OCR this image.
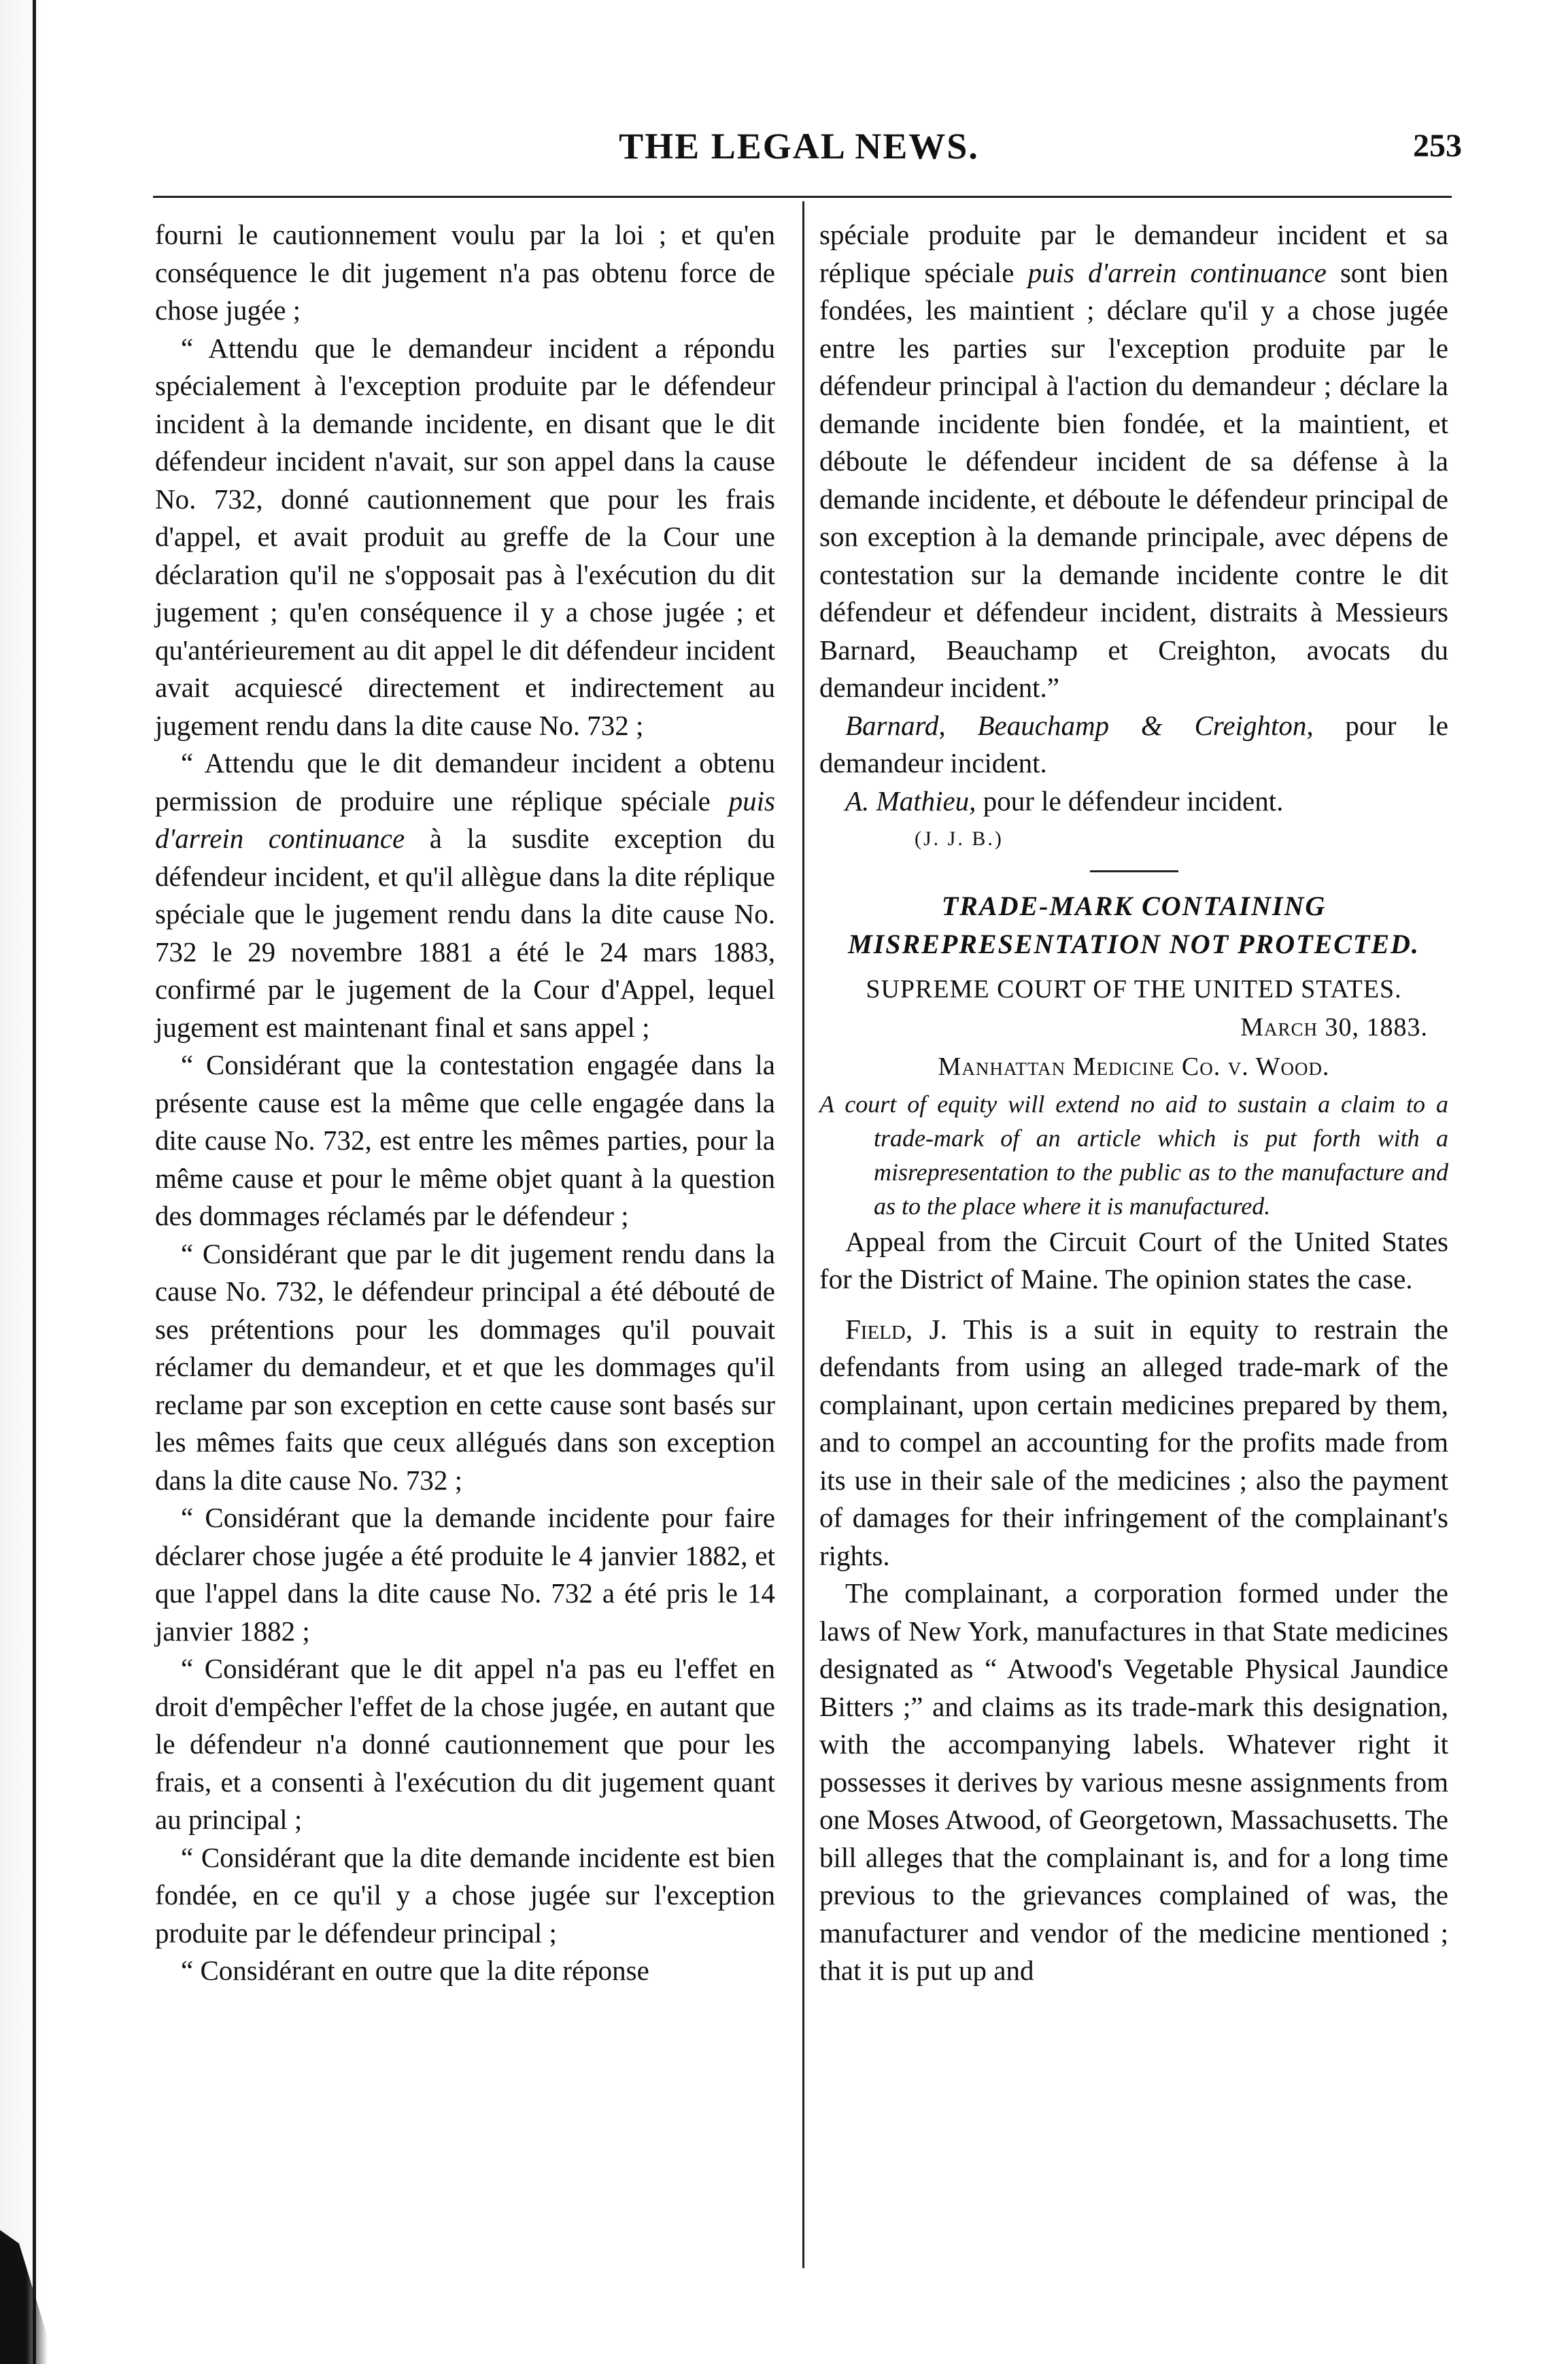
THE LEGAL NEWS.	253

fourni le cautionnement voulu par la loi ; et qu'en conséquence le dit jugement n'a pas obtenu force de chose jugée ;

“ Attendu que le demandeur incident a répondu spécialement à l'exception produite par le défendeur incident à la demande incidente, en disant que le dit défendeur incident n'avait, sur son appel dans la cause No. 732, donné cautionnement que pour les frais d'appel, et avait produit au greffe de la Cour une déclaration qu'il ne s'opposait pas à l'exécution du dit jugement ; qu'en conséquence il y a chose jugée ; et qu'antérieurement au dit appel le dit défendeur incident avait acquiescé directement et indirectement au jugement rendu dans la dite cause No. 732 ;

“ Attendu que le dit demandeur incident a obtenu permission de produire une réplique spéciale puis d'arrein continuance à la susdite exception du défendeur incident, et qu'il allègue dans la dite réplique spéciale que le jugement rendu dans la dite cause No. 732 le 29 novembre 1881 a été le 24 mars 1883, confirmé par le jugement de la Cour d'Appel, lequel jugement est maintenant final et sans appel ;

“ Considérant que la contestation engagée dans la présente cause est la même que celle engagée dans la dite cause No. 732, est entre les mêmes parties, pour la même cause et pour le même objet quant à la question des dommages réclamés par le défendeur ;

“ Considérant que par le dit jugement rendu dans la cause No. 732, le défendeur principal a été débouté de ses prétentions pour les dommages qu'il pouvait réclamer du demandeur, et et que les dommages qu'il reclame par son exception en cette cause sont basés sur les mêmes faits que ceux allégués dans son exception dans la dite cause No. 732 ;

“ Considérant que la demande incidente pour faire déclarer chose jugée a été produite le 4 janvier 1882, et que l'appel dans la dite cause No. 732 a été pris le 14 janvier 1882 ;

“ Considérant que le dit appel n'a pas eu l'effet en droit d'empêcher l'effet de la chose jugée, en autant que le défendeur n'a donné cautionnement que pour les frais, et a consenti à l'exécution du dit jugement quant au principal ;

“ Considérant que la dite demande incidente est bien fondée, en ce qu'il y a chose jugée sur l'exception produite par le défendeur principal ;

“ Considérant en outre que la dite réponse

spéciale produite par le demandeur incident et sa réplique spéciale puis d'arrein continuance sont bien fondées, les maintient ; déclare qu'il y a chose jugée entre les parties sur l'exception produite par le défendeur principal à l'action du demandeur ; déclare la demande incidente bien fondée, et la maintient, et déboute le défendeur incident de sa défense à la demande incidente, et déboute le défendeur principal de son exception à la demande principale, avec dépens de contestation sur la demande incidente contre le dit défendeur et défendeur incident, distraits à Messieurs Barnard, Beauchamp et Creighton, avocats du demandeur incident.”

Barnard, Beauchamp & Creighton, pour le demandeur incident.

A. Mathieu, pour le défendeur incident.

(J. J. B.)

TRADE-MARK CONTAINING MISREPRESENTATION NOT PROTECTED.
SUPREME COURT OF THE UNITED STATES.
March 30, 1883.
Manhattan Medicine Co. v. Wood.

A court of equity will extend no aid to sustain a claim to a trade-mark of an article which is put forth with a misrepresentation to the public as to the manufacture and as to the place where it is manufactured.

Appeal from the Circuit Court of the United States for the District of Maine. The opinion states the case.

Field, J. This is a suit in equity to restrain the defendants from using an alleged trade-mark of the complainant, upon certain medicines prepared by them, and to compel an accounting for the profits made from its use in their sale of the medicines ; also the payment of damages for their infringement of the complainant's rights.

The complainant, a corporation formed under the laws of New York, manufactures in that State medicines designated as “ Atwood's Vegetable Physical Jaundice Bitters ;” and claims as its trade-mark this designation, with the accompanying labels. Whatever right it possesses it derives by various mesne assignments from one Moses Atwood, of Georgetown, Massachusetts. The bill alleges that the complainant is, and for a long time previous to the grievances complained of was, the manufacturer and vendor of the medicine mentioned ; that it is put up and
